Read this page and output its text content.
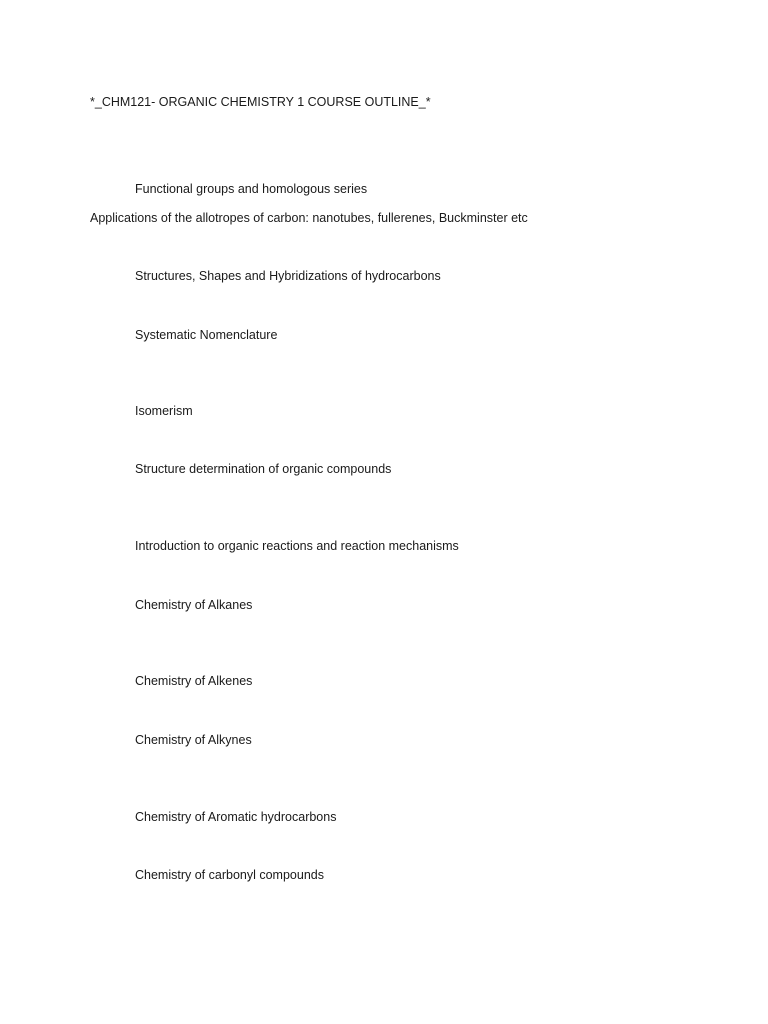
*_CHM121- ORGANIC CHEMISTRY 1 COURSE OUTLINE_*
Functional groups and homologous series
Applications of the allotropes of carbon: nanotubes, fullerenes, Buckminster etc
Structures, Shapes and Hybridizations of hydrocarbons
Systematic Nomenclature
Isomerism
Structure determination of organic compounds
Introduction to organic reactions and reaction mechanisms
Chemistry of Alkanes
Chemistry of Alkenes
Chemistry of Alkynes
Chemistry of Aromatic hydrocarbons
Chemistry of carbonyl compounds
